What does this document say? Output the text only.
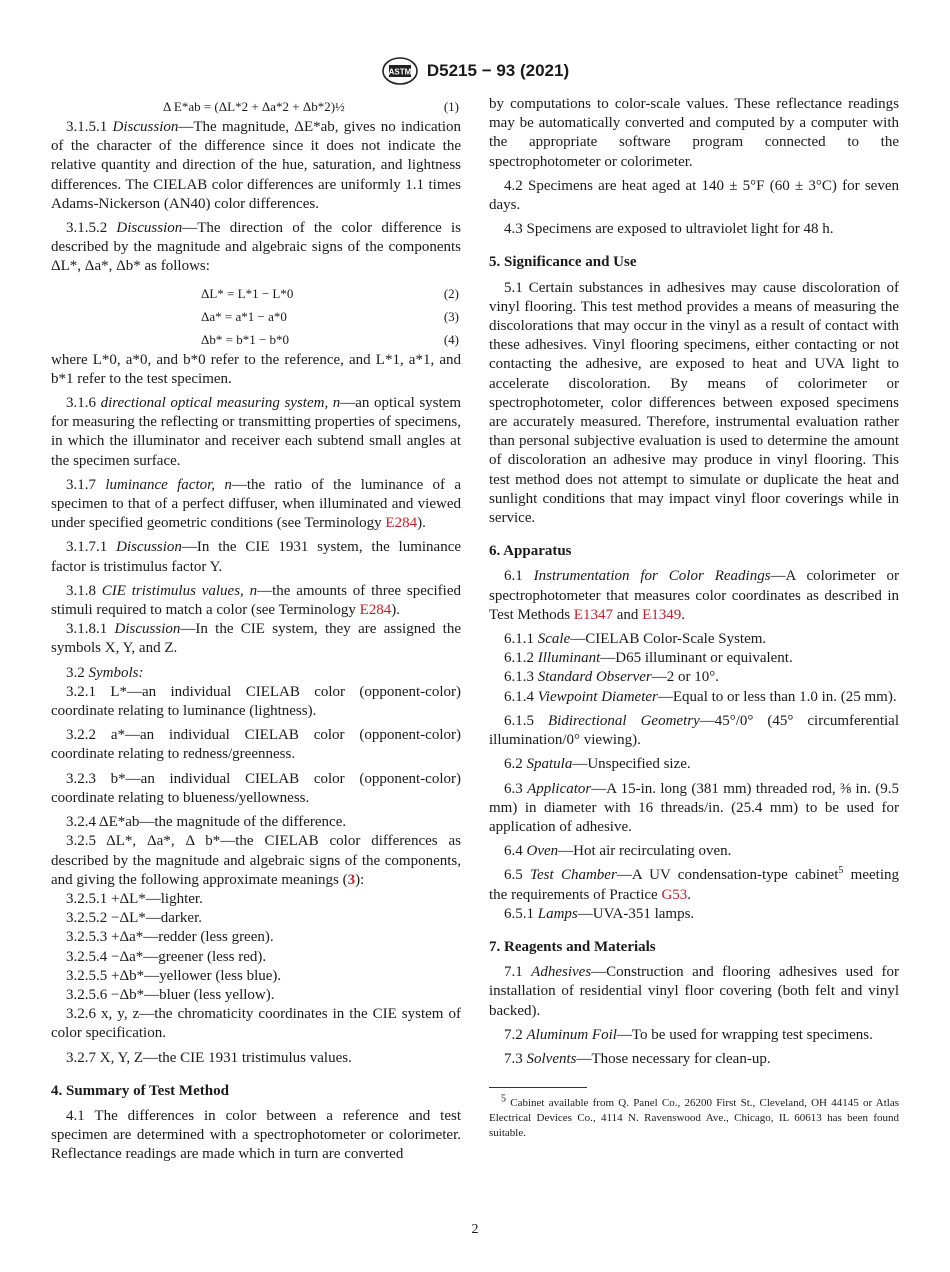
ASTM D5215 − 93 (2021)
Δ E*ab = (ΔL*2 + Δa*2 + Δb*2)½	(1)

3.1.5.1 Discussion—The magnitude, ΔE*ab, gives no indication of the character of the difference since it does not indicate the relative quantity and direction of the hue, saturation, and lightness differences. The CIELAB color differences are uniformly 1.1 times Adams-Nickerson (AN40) color differences.

3.1.5.2 Discussion—The direction of the color difference is described by the magnitude and algebraic signs of the components ΔL*, Δa*, Δb* as follows:

ΔL* = L*1 − L*0	(2)
Δa* = a*1 − a*0	(3)
Δb* = b*1 − b*0	(4)

where L*0, a*0, and b*0 refer to the reference, and L*1, a*1, and b*1 refer to the test specimen.

3.1.6 directional optical measuring system, n—an optical system for measuring the reflecting or transmitting properties of specimens, in which the illuminator and receiver each subtend small angles at the specimen surface.

3.1.7 luminance factor, n—the ratio of the luminance of a specimen to that of a perfect diffuser, when illuminated and viewed under specified geometric conditions (see Terminology E284).

3.1.7.1 Discussion—In the CIE 1931 system, the luminance factor is tristimulus factor Y.

3.1.8 CIE tristimulus values, n—the amounts of three specified stimuli required to match a color (see Terminology E284).

3.1.8.1 Discussion—In the CIE system, they are assigned the symbols X, Y, and Z.

3.2 Symbols:

3.2.1 L*—an individual CIELAB color (opponent-color) coordinate relating to luminance (lightness).

3.2.2 a*—an individual CIELAB color (opponent-color) coordinate relating to redness/greenness.

3.2.3 b*—an individual CIELAB color (opponent-color) coordinate relating to blueness/yellowness.

3.2.4 ΔE*ab—the magnitude of the difference.

3.2.5 ΔL*, Δa*, Δ b*—the CIELAB color differences as described by the magnitude and algebraic signs of the components, and giving the following approximate meanings (3):

3.2.5.1 +ΔL*—lighter.

3.2.5.2 −ΔL*—darker.

3.2.5.3 +Δa*—redder (less green).

3.2.5.4 −Δa*—greener (less red).

3.2.5.5 +Δb*—yellower (less blue).

3.2.5.6 −Δb*—bluer (less yellow).

3.2.6 x, y, z—the chromaticity coordinates in the CIE system of color specification.

3.2.7 X, Y, Z—the CIE 1931 tristimulus values.

4. Summary of Test Method

4.1 The differences in color between a reference and test specimen are determined with a spectrophotometer or colorimeter. Reflectance readings are made which in turn are converted

by computations to color-scale values. These reflectance readings may be automatically converted and computed by a computer with the appropriate software program connected to the spectrophotometer or colorimeter.

4.2 Specimens are heat aged at 140 ± 5°F (60 ± 3°C) for seven days.

4.3 Specimens are exposed to ultraviolet light for 48 h.

5. Significance and Use

5.1 Certain substances in adhesives may cause discoloration of vinyl flooring. This test method provides a means of measuring the discolorations that may occur in the vinyl as a result of contact with these adhesives. Vinyl flooring specimens, either contacting or not contacting the adhesive, are exposed to heat and UVA light to accelerate discoloration. By means of colorimeter or spectrophotometer, color differences between exposed specimens are accurately measured. Therefore, instrumental evaluation rather than personal subjective evaluation is used to determine the amount of discoloration an adhesive may produce in vinyl flooring. This test method does not attempt to simulate or duplicate the heat and sunlight conditions that may impact vinyl floor coverings while in service.

6. Apparatus

6.1 Instrumentation for Color Readings—A colorimeter or spectrophotometer that measures color coordinates as described in Test Methods E1347 and E1349.

6.1.1 Scale—CIELAB Color-Scale System.

6.1.2 Illuminant—D65 illuminant or equivalent.

6.1.3 Standard Observer—2 or 10°.

6.1.4 Viewpoint Diameter—Equal to or less than 1.0 in. (25 mm).

6.1.5 Bidirectional Geometry—45°/0° (45° circumferential illumination/0° viewing).

6.2 Spatula—Unspecified size.

6.3 Applicator—A 15-in. long (381 mm) threaded rod, ⅜ in. (9.5 mm) in diameter with 16 threads/in. (25.4 mm) to be used for application of adhesive.

6.4 Oven—Hot air recirculating oven.

6.5 Test Chamber—A UV condensation-type cabinet$^5$ meeting the requirements of Practice G53.

6.5.1 Lamps—UVA-351 lamps.

7. Reagents and Materials

7.1 Adhesives—Construction and flooring adhesives used for installation of residential vinyl floor covering (both felt and vinyl backed).

7.2 Aluminum Foil—To be used for wrapping test specimens.

7.3 Solvents—Those necessary for clean-up.

$^5$ Cabinet available from Q. Panel Co., 26200 First St., Cleveland, OH 44145 or Atlas Electrical Devices Co., 4114 N. Ravenswood Ave., Chicago, IL 60613 has been found suitable.
2
